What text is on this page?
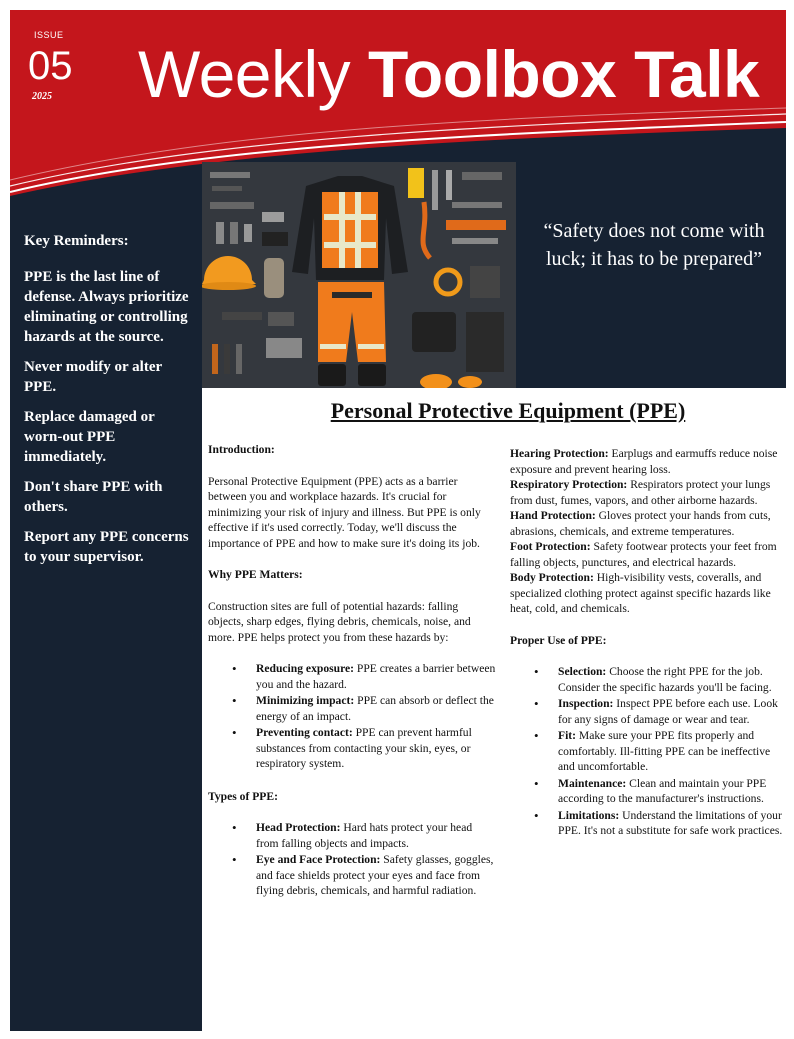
ISSUE
05
2025 Weekly Toolbox Talk
Key Reminders:
PPE is the last line of defense. Always prioritize eliminating or controlling hazards at the source.
Never modify or alter PPE.
Replace damaged or worn-out PPE immediately.
Don't share PPE with others.
Report any PPE concerns to your supervisor.
“Safety does not come with luck; it has to be prepared”
Personal Protective Equipment (PPE)

Introduction:

Personal Protective Equipment (PPE) acts as a barrier between you and workplace hazards. It's crucial for minimizing your risk of injury and illness. But PPE is only effective if it's used correctly. Today, we'll discuss the importance of PPE and how to make sure it's doing its job.

Why PPE Matters:

Construction sites are full of potential hazards: falling objects, sharp edges, flying debris, chemicals, noise, and more. PPE helps protect you from these hazards by:

• Reducing exposure: PPE creates a barrier between you and the hazard.
• Minimizing impact: PPE can absorb or deflect the energy of an impact.
• Preventing contact: PPE can prevent harmful substances from contacting your skin, eyes, or respiratory system.

Types of PPE:

• Head Protection: Hard hats protect your head from falling objects and impacts.
• Eye and Face Protection: Safety glasses, goggles, and face shields protect your eyes and face from flying debris, chemicals, and harmful radiation.

Hearing Protection: Earplugs and earmuffs reduce noise exposure and prevent hearing loss.

Respiratory Protection: Respirators protect your lungs from dust, fumes, vapors, and other airborne hazards.

Hand Protection: Gloves protect your hands from cuts, abrasions, chemicals, and extreme temperatures.

Foot Protection: Safety footwear protects your feet from falling objects, punctures, and electrical hazards.

Body Protection: High-visibility vests, coveralls, and specialized clothing protect against specific hazards like heat, cold, and chemicals.

Proper Use of PPE:

• Selection: Choose the right PPE for the job. Consider the specific hazards you'll be facing.
• Inspection: Inspect PPE before each use. Look for any signs of damage or wear and tear.
• Fit: Make sure your PPE fits properly and comfortably. Ill-fitting PPE can be ineffective and uncomfortable.
• Maintenance: Clean and maintain your PPE according to the manufacturer's instructions.
• Limitations: Understand the limitations of your PPE. It's not a substitute for safe work practices.
